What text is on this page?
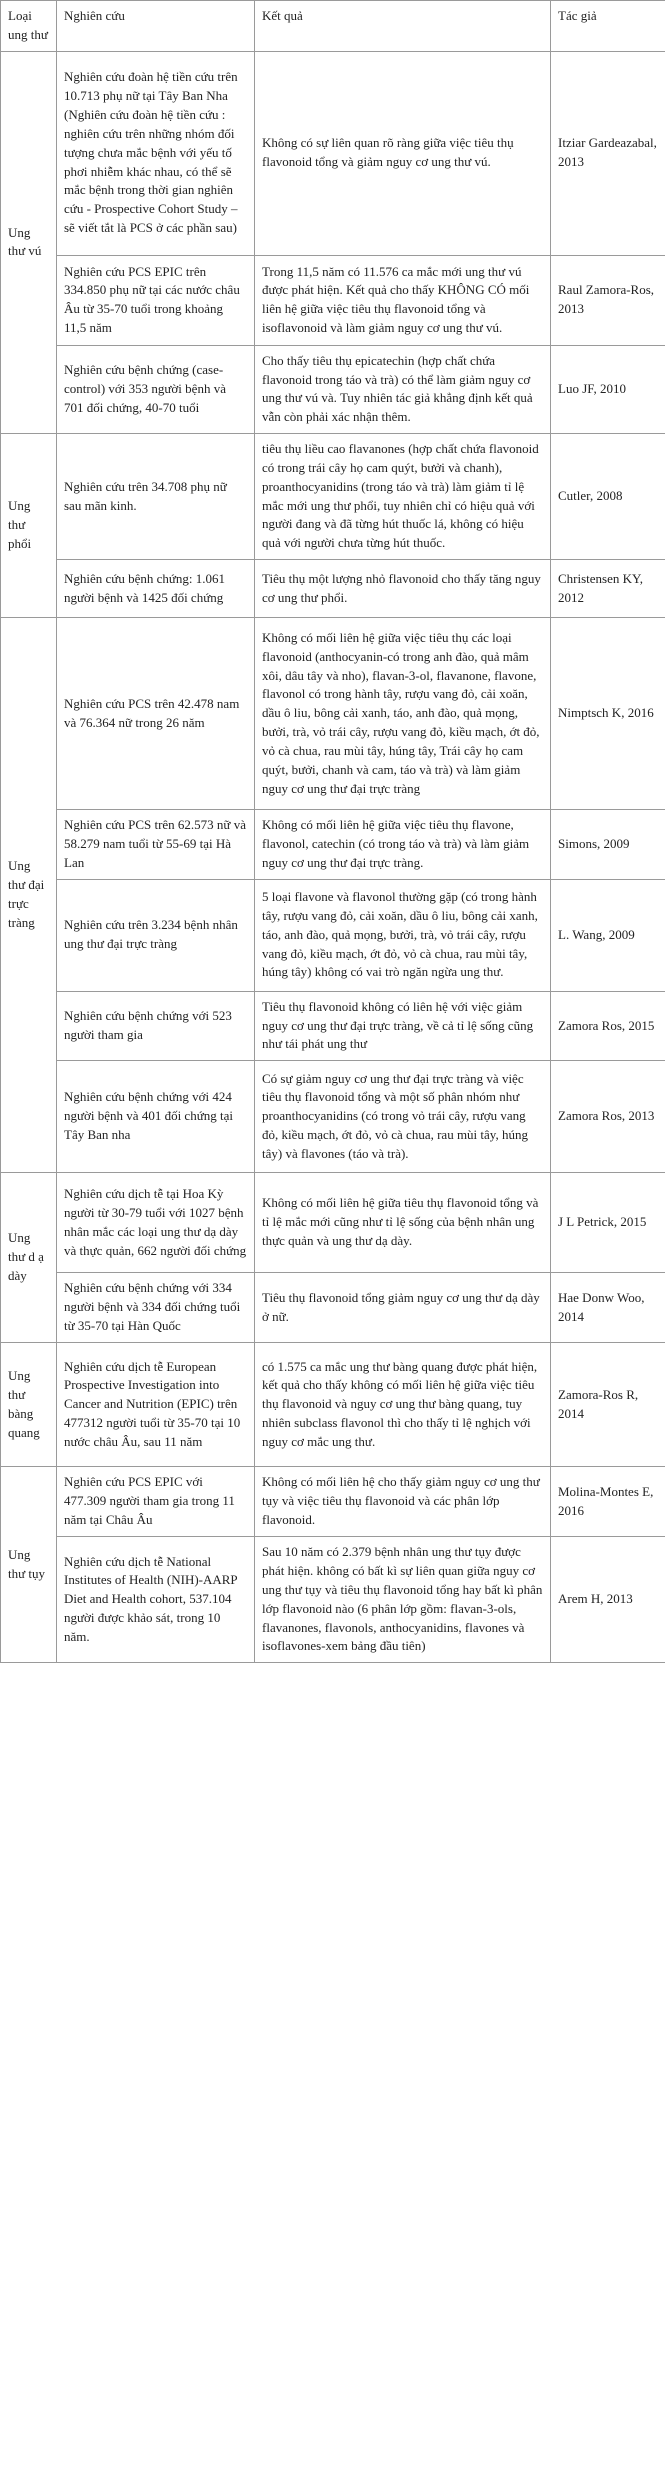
Loại ung thư	Nghiên cứu	Kết quả	Tác giả
Ung thư vú	Nghiên cứu đoàn hệ tiền cứu trên 10.713 phụ nữ tại Tây Ban Nha (Nghiên cứu đoàn hệ tiền cứu : nghiên cứu trên những nhóm đối tượng chưa mắc bệnh với yếu tố phơi nhiễm khác nhau, có thể sẽ mắc bệnh trong thời gian nghiên cứu - Prospective Cohort Study – sẽ viết tắt là PCS ở các phần sau)	Không có sự liên quan rõ ràng giữa việc tiêu thụ flavonoid tổng và giảm nguy cơ ung thư vú.	Itziar Gardeazabal, 2013
	Nghiên cứu PCS EPIC trên 334.850 phụ nữ tại các nước châu Âu từ 35-70 tuổi trong khoảng 11,5 năm	Trong 11,5 năm có 11.576 ca mắc mới ung thư vú được phát hiện. Kết quả cho thấy KHÔNG CÓ mối liên hệ giữa việc tiêu thụ flavonoid tổng và isoflavonoid và làm giảm nguy cơ ung thư vú.	Raul Zamora-Ros, 2013
	Nghiên cứu bệnh chứng (case-control) với 353 người bệnh và 701 đối chứng, 40-70 tuổi	Cho thấy tiêu thụ epicatechin (hợp chất chứa flavonoid trong táo và trà) có thể làm giảm nguy cơ ung thư vú và. Tuy nhiên tác giả khẳng định kết quả vẫn còn phải xác nhận thêm.	Luo JF, 2010
Ung thư phổi	Nghiên cứu trên 34.708 phụ nữ sau mãn kinh.	tiêu thụ liều cao flavanones (hợp chất chứa flavonoid có trong trái cây họ cam quýt, bưởi và chanh), proanthocyanidins (trong táo và trà) làm giảm tỉ lệ mắc mới ung thư phổi, tuy nhiên chỉ có hiệu quả với người đang và đã từng hút thuốc lá, không có hiệu quả với người chưa từng hút thuốc.	Cutler, 2008
	Nghiên cứu bệnh chứng: 1.061 người bệnh và 1425 đối chứng	Tiêu thụ một lượng nhỏ flavonoid cho thấy tăng nguy cơ ung thư phổi.	Christensen KY, 2012
Ung thư đại trực tràng	Nghiên cứu PCS trên 42.478 nam và 76.364 nữ trong 26 năm	Không có mối liên hệ giữa việc tiêu thụ các loại flavonoid (anthocyanin-có trong anh đào, quả mâm xôi, dâu tây và nho), flavan-3-ol, flavanone, flavone, flavonol có trong hành tây, rượu vang đỏ, cải xoăn, dầu ô liu, bông cải xanh, táo, anh đào, quả mọng, bưởi, trà, vỏ trái cây, rượu vang đỏ, kiều mạch, ớt đỏ, vỏ cà chua, rau mùi tây, húng tây, Trái cây họ cam quýt, bưởi, chanh và cam, táo và trà) và làm giảm nguy cơ ung thư đại trực tràng	Nimptsch K, 2016
	Nghiên cứu PCS trên 62.573 nữ và 58.279 nam tuổi từ 55-69 tại Hà Lan	Không có mối liên hệ giữa việc tiêu thụ flavone, flavonol, catechin (có trong táo và trà) và làm giảm nguy cơ ung thư đại trực tràng.	Simons, 2009
	Nghiên cứu trên 3.234 bệnh nhân ung thư đại trực tràng	5 loại flavone và flavonol thường gặp (có trong hành tây, rượu vang đỏ, cải xoăn, dầu ô liu, bông cải xanh, táo, anh đào, quả mọng, bưởi, trà, vỏ trái cây, rượu vang đỏ, kiều mạch, ớt đỏ, vỏ cà chua, rau mùi tây, húng tây) không có vai trò ngăn ngừa ung thư.	L. Wang, 2009
	Nghiên cứu bệnh chứng với 523 người tham gia	Tiêu thụ flavonoid không có liên hệ với việc giảm nguy cơ ung thư đại trực tràng, về cả tỉ lệ sống cũng như tái phát ung thư	Zamora Ros, 2015
	Nghiên cứu bệnh chứng với 424 người bệnh và 401 đối chứng tại Tây Ban nha	Có sự giảm nguy cơ ung thư đại trực tràng và việc tiêu thụ flavonoid tổng và một số phân nhóm như proanthocyanidins (có trong vỏ trái cây, rượu vang đỏ, kiều mạch, ớt đỏ, vỏ cà chua, rau mùi tây, húng tây) và flavones (táo và trà).	Zamora Ros, 2013
Ung thư d ạ dày	Nghiên cứu dịch tễ tại Hoa Kỳ người từ 30-79 tuổi với 1027 bệnh nhân mắc các loại ung thư dạ dày và thực quản, 662 người đối chứng	Không có mối liên hệ giữa tiêu thụ flavonoid tổng và tỉ lệ mắc mới cũng như tỉ lệ sống của bệnh nhân ung thực quản và ung thư dạ dày.	J L Petrick, 2015
	Nghiên cứu bệnh chứng với 334 người bệnh và 334 đối chứng tuổi từ 35-70 tại Hàn Quốc	Tiêu thụ flavonoid tổng giảm nguy cơ ung thư dạ dày ở nữ.	Hae Donw Woo, 2014
Ung thư bàng quang	Nghiên cứu dịch tễ European Prospective Investigation into Cancer and Nutrition (EPIC) trên 477312 người tuổi từ 35-70 tại 10 nước châu Âu, sau 11 năm	có 1.575 ca mắc ung thư bàng quang được phát hiện, kết quả cho thấy không có mối liên hệ giữa việc tiêu thụ flavonoid và nguy cơ ung thư bàng quang, tuy nhiên subclass flavonol thì cho thấy tỉ lệ nghịch với nguy cơ mắc ung thư.	Zamora-Ros R, 2014
Ung thư tụy	Nghiên cứu PCS EPIC với 477.309 người tham gia trong 11 năm tại Châu Âu	Không có mối liên hệ cho thấy giảm nguy cơ ung thư tụy và việc tiêu thụ flavonoid và các phân lớp flavonoid.	Molina-Montes E, 2016
	Nghiên cứu dịch tễ National Institutes of Health (NIH)-AARP Diet and Health cohort, 537.104 người được khảo sát, trong 10 năm.	Sau 10 năm có 2.379 bệnh nhân ung thư tụy được phát hiện. không có bất kì sự liên quan giữa nguy cơ ung thư tụy và tiêu thụ flavonoid tổng hay bất kì phân lớp flavonoid nào (6 phân lớp gồm: flavan-3-ols, flavanones, flavonols, anthocyanidins, flavones và isoflavones-xem bảng đầu tiên)	Arem H, 2013
